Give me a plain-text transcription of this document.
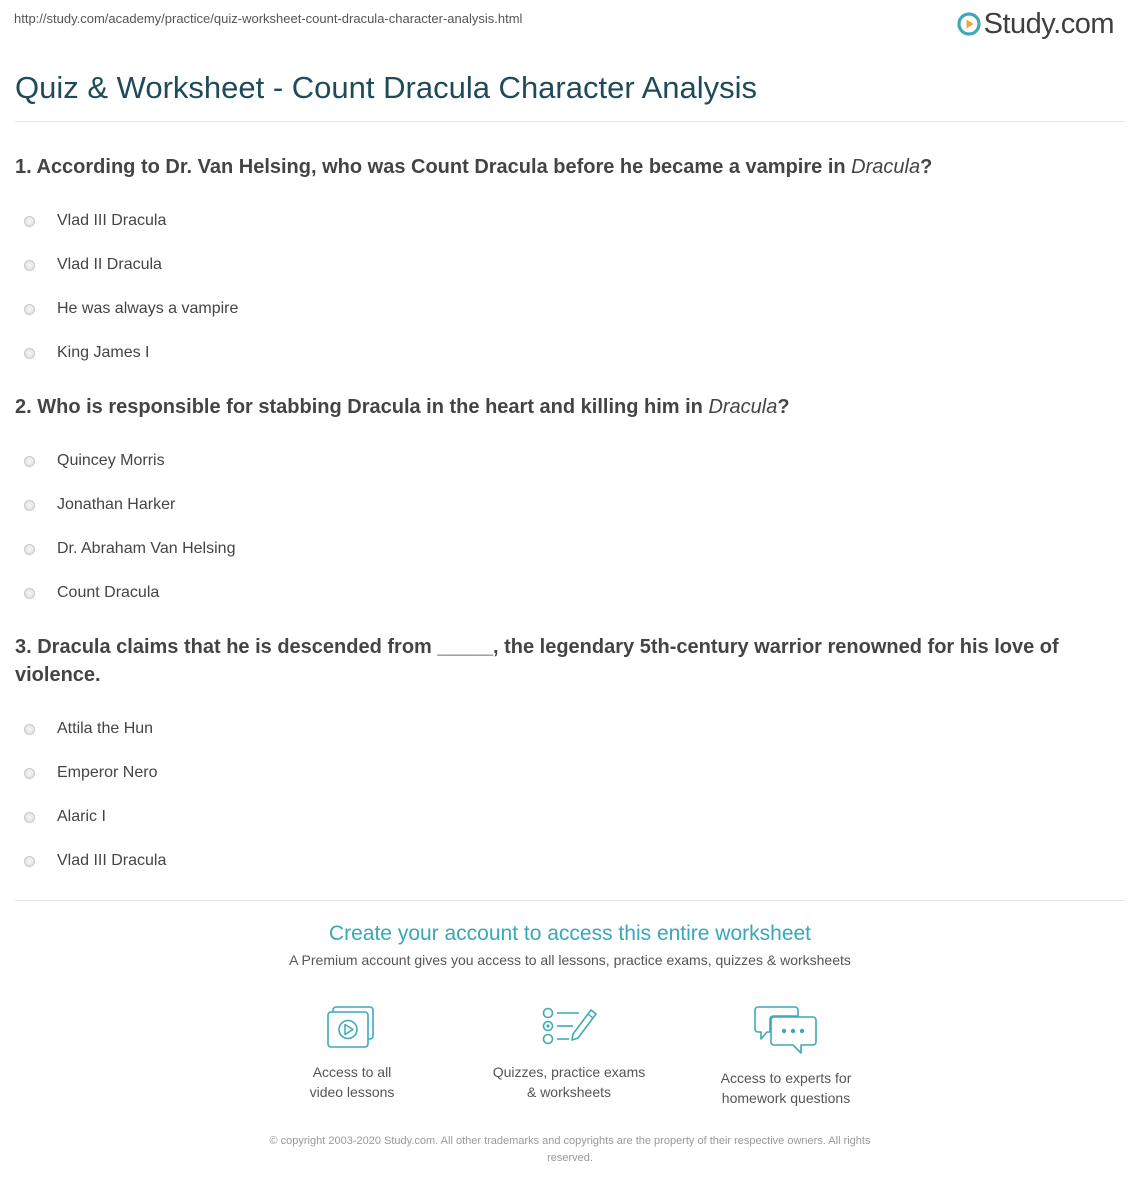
http://study.com/academy/practice/quiz-worksheet-count-dracula-character-analysis.html	Study.com
Quiz & Worksheet - Count Dracula Character Analysis
1. According to Dr. Van Helsing, who was Count Dracula before he became a vampire in Dracula?
Vlad III Dracula
Vlad II Dracula
He was always a vampire
King James I
2. Who is responsible for stabbing Dracula in the heart and killing him in Dracula?
Quincey Morris
Jonathan Harker
Dr. Abraham Van Helsing
Count Dracula
3. Dracula claims that he is descended from _____, the legendary 5th-century warrior renowned for his love of violence.
Attila the Hun
Emperor Nero
Alaric I
Vlad III Dracula
Create your account to access this entire worksheet
A Premium account gives you access to all lessons, practice exams, quizzes & worksheets
Access to all
video lessons
Quizzes, practice exams
& worksheets
Access to experts for
homework questions
© copyright 2003-2020 Study.com. All other trademarks and copyrights are the property of their respective owners. All rights
reserved.
